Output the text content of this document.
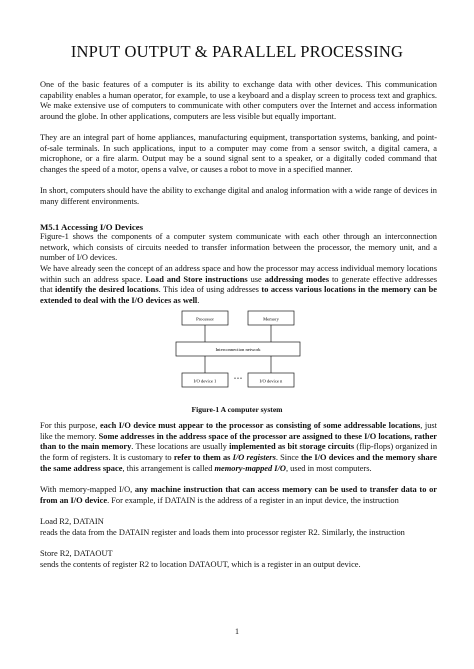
INPUT OUTPUT & PARALLEL PROCESSING

One of the basic features of a computer is its ability to exchange data with other devices. This communication capability enables a human operator, for example, to use a keyboard and a display screen to process text and graphics. We make extensive use of computers to communicate with other computers over the Internet and access information around the globe. In other applications, computers are less visible but equally important.

They are an integral part of home appliances, manufacturing equipment, transportation systems, banking, and point-of-sale terminals. In such applications, input to a computer may come from a sensor switch, a digital camera, a microphone, or a fire alarm. Output may be a sound signal sent to a speaker, or a digitally coded command that changes the speed of a motor, opens a valve, or causes a robot to move in a specified manner.

In short, computers should have the ability to exchange digital and analog information with a wide range of devices in many different environments.

M5.1 Accessing I/O Devices

Figure-1 shows the components of a computer system communicate with each other through an interconnection network, which consists of circuits needed to transfer information between the processor, the memory unit, and a number of I/O devices.

We have already seen the concept of an address space and how the processor may access individual memory locations within such an address space. Load and Store instructions use addressing modes to generate effective addresses that identify the desired locations. This idea of using addresses to access various locations in the memory can be extended to deal with the I/O devices as well.

Processor	Memory
Interconnection network
I/O device 1	• • •	I/O device n

Figure-1 A computer system

For this purpose, each I/O device must appear to the processor as consisting of some addressable locations, just like the memory. Some addresses in the address space of the processor are assigned to these I/O locations, rather than to the main memory. These locations are usually implemented as bit storage circuits (flip-flops) organized in the form of registers. It is customary to refer to them as I/O registers. Since the I/O devices and the memory share the same address space, this arrangement is called memory-mapped I/O, used in most computers.

With memory-mapped I/O, any machine instruction that can access memory can be used to transfer data to or from an I/O device. For example, if DATAIN is the address of a register in an input device, the instruction

Load R2, DATAIN

reads the data from the DATAIN register and loads them into processor register R2. Similarly, the instruction

Store R2, DATAOUT

sends the contents of register R2 to location DATAOUT, which is a register in an output device.

1
